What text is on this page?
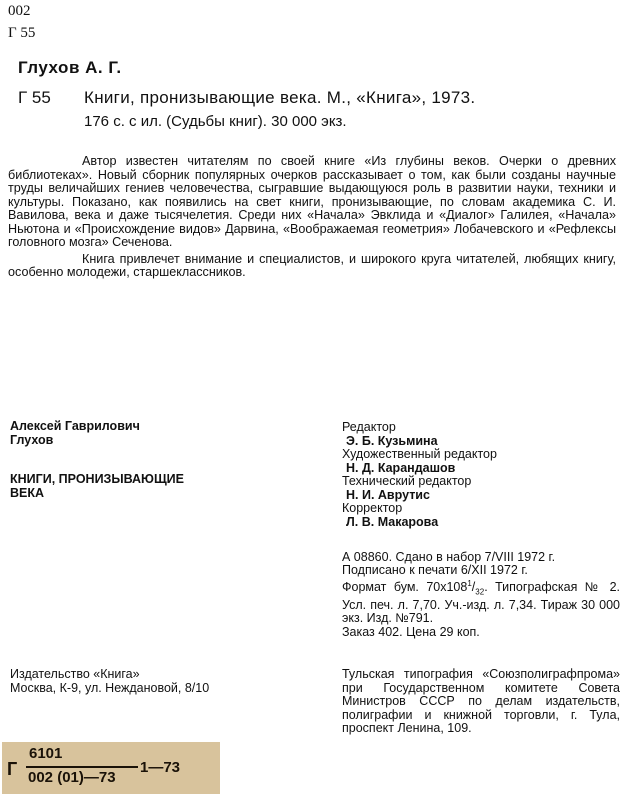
002
Г 55
Глухов А. Г.
Г 55 Книги, пронизывающие века. М., «Книга», 1973.
176 с. с ил. (Судьбы книг). 30 000 экз.

Автор известен читателям по своей книге «Из глубины веков. Очерки о древних библиотеках». Новый сборник популярных очерков рассказывает о том, как были созданы научные труды величайших гениев человечества, сыгравшие выдающуюся роль в развитии науки, техники и культуры. Показано, как появились на свет книги, пронизывающие, по словам академика С. И. Вавилова, века и даже тысячелетия. Среди них «Начала» Эвклида и «Диалог» Галилея, «Начала» Ньютона и «Происхождение видов» Дарвина, «Воображаемая геометрия» Лобачевского и «Рефлексы головного мозга» Сеченова.

Книга привлечет внимание и специалистов, и широкого круга читателей, любящих книгу, особенно молодежи, старшеклассников.

Алексей Гаврилович
Глухов
КНИГИ, ПРОНИЗЫВАЮЩИЕ
ВЕКА
Редактор
Э. Б. Кузьмина
Художественный редактор
Н. Д. Карандашов
Технический редактор
Н. И. Аврутис
Корректор
Л. В. Макарова
А 08860. Сдано в набор 7/VIII 1972 г.
Подписано к печати 6/XII 1972 г.
Формат бум. $70х108^1/_{32}$. Типографская № 2. Усл. печ. л. 7,70. Уч.-изд. л. 7,34. Тираж 30 000 экз. Изд. №791.
Заказ 402. Цена 29 коп.
Издательство «Книга»
Москва, К-9, ул. Неждановой, 8/10
Тульская типография «Союзполиграфпрома» при Государственном комитете Совета Министров СССР по делам издательств, полиграфии и книжной торговли, г. Тула, проспект Ленина, 109.
Г
6101
002 (01)—73
1—73
